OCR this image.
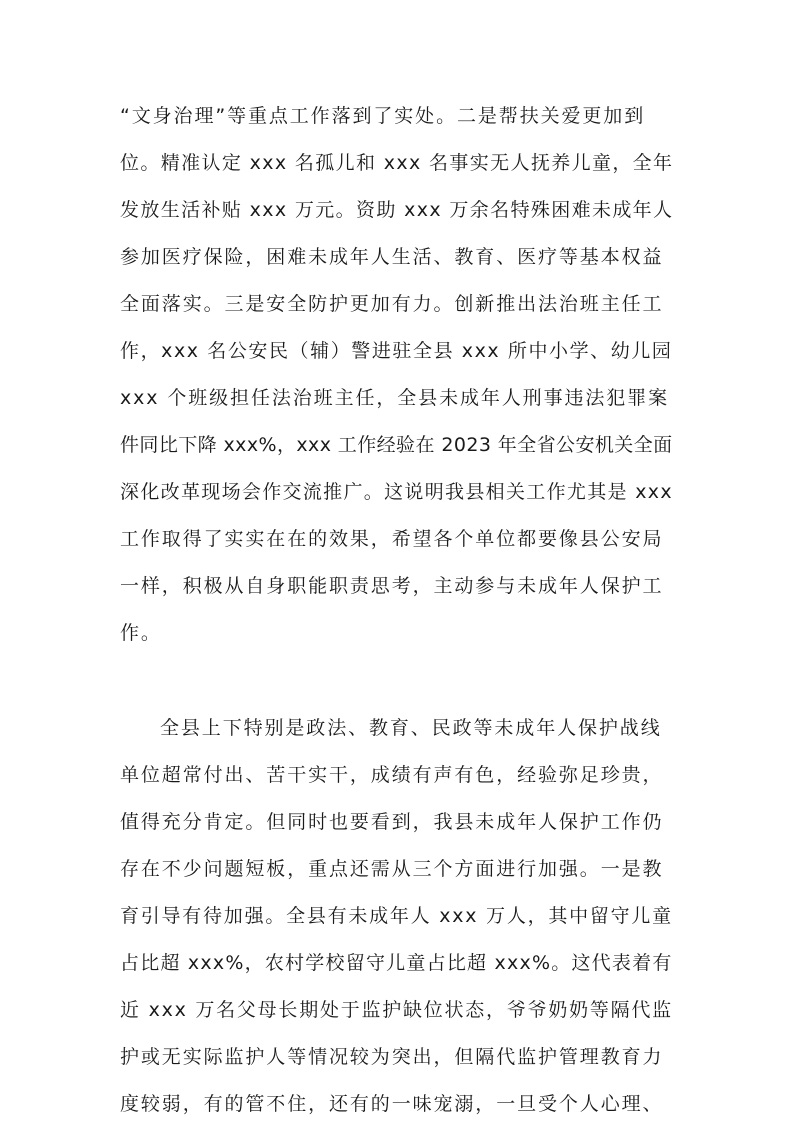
“文身治理”等重点工作落到了实处。二是帮扶关爱更加到
位。精准认定 xxx 名孤儿和 xxx 名事实无人抚养儿童，全年
发放生活补贴 xxx 万元。资助 xxx 万余名特殊困难未成年人
参加医疗保险，困难未成年人生活、教育、医疗等基本权益
全面落实。三是安全防护更加有力。创新推出法治班主任工
作，xxx 名公安民（辅）警进驻全县 xxx 所中小学、幼儿园
xxx 个班级担任法治班主任，全县未成年人刑事违法犯罪案
件同比下降 xxx%，xxx 工作经验在 2023 年全省公安机关全面
深化改革现场会作交流推广。这说明我县相关工作尤其是 xxx
工作取得了实实在在的效果，希望各个单位都要像县公安局
一样，积极从自身职能职责思考，主动参与未成年人保护工
作。
全县上下特别是政法、教育、民政等未成年人保护战线
单位超常付出、苦干实干，成绩有声有色，经验弥足珍贵，
值得充分肯定。但同时也要看到，我县未成年人保护工作仍
存在不少问题短板，重点还需从三个方面进行加强。一是教
育引导有待加强。全县有未成年人 xxx 万人，其中留守儿童
占比超 xxx%，农村学校留守儿童占比超 xxx%。这代表着有
近 xxx 万名父母长期处于监护缺位状态，爷爷奶奶等隔代监
护或无实际监护人等情况较为突出，但隔代监护管理教育力
度较弱，有的管不住，还有的一味宠溺，一旦受个人心理、
